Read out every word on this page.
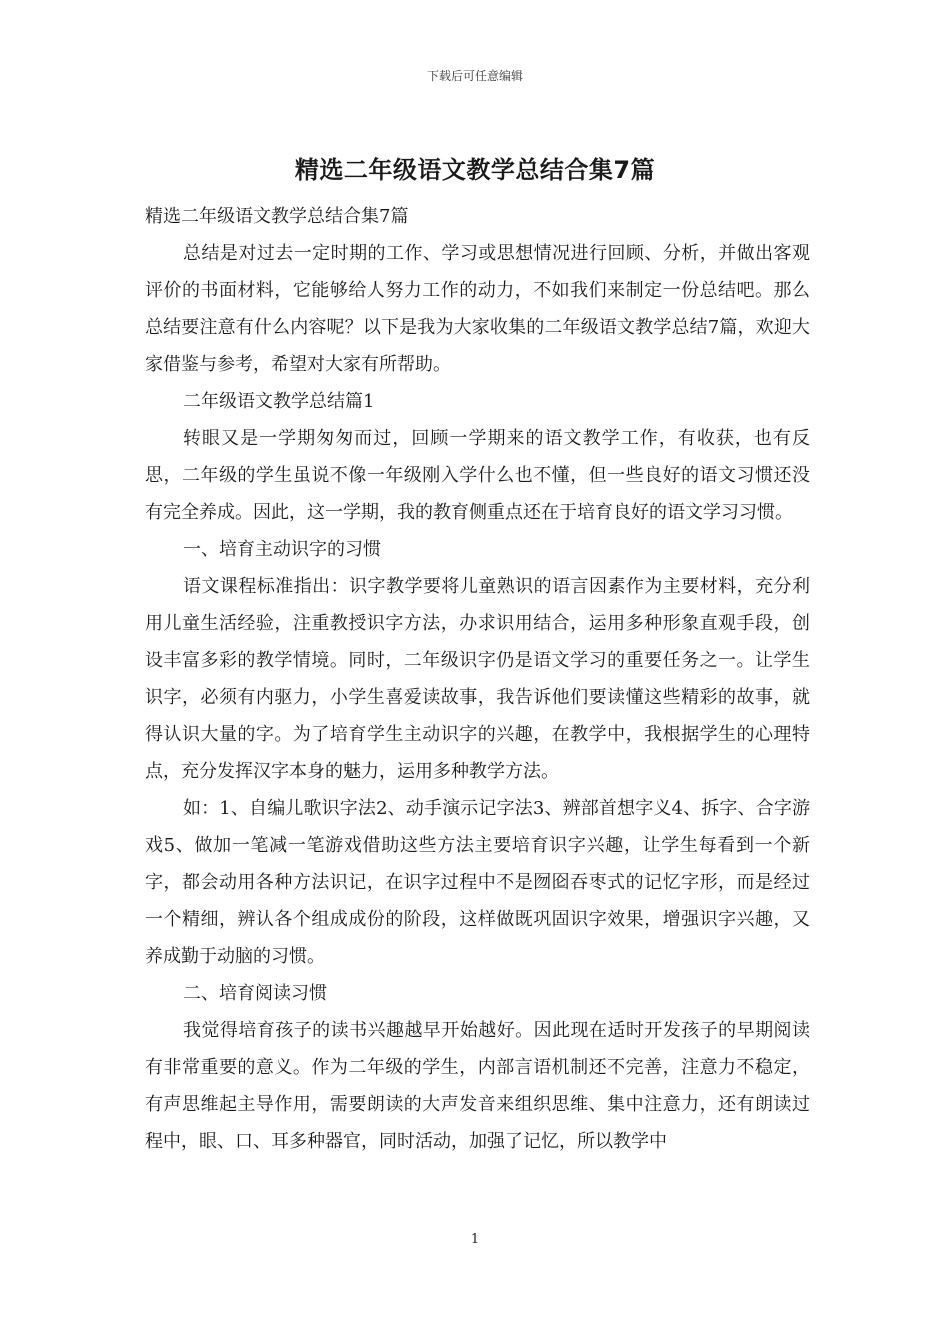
下载后可任意编辑
精选二年级语文教学总结合集7篇

精选二年级语文教学总结合集7篇

总结是对过去一定时期的工作、学习或思想情况进行回顾、分析，并做出客观评价的书面材料，它能够给人努力工作的动力，不如我们来制定一份总结吧。那么总结要注意有什么内容呢？以下是我为大家收集的二年级语文教学总结7篇，欢迎大家借鉴与参考，希望对大家有所帮助。

二年级语文教学总结篇1

转眼又是一学期匆匆而过，回顾一学期来的语文教学工作，有收获，也有反思，二年级的学生虽说不像一年级刚入学什么也不懂，但一些良好的语文习惯还没有完全养成。因此，这一学期，我的教育侧重点还在于培育良好的语文学习习惯。

一、培育主动识字的习惯

语文课程标准指出：识字教学要将儿童熟识的语言因素作为主要材料，充分利用儿童生活经验，注重教授识字方法，办求识用结合，运用多种形象直观手段，创设丰富多彩的教学情境。同时，二年级识字仍是语文学习的重要任务之一。让学生识字，必须有内驱力，小学生喜爱读故事，我告诉他们要读懂这些精彩的故事，就得认识大量的字。为了培育学生主动识字的兴趣，在教学中，我根据学生的心理特点，充分发挥汉字本身的魅力，运用多种教学方法。

如：1、自编儿歌识字法2、动手演示记字法3、辨部首想字义4、拆字、合字游戏5、做加一笔减一笔游戏借助这些方法主要培育识字兴趣，让学生每看到一个新字，都会动用各种方法识记，在识字过程中不是囫囵吞枣式的记忆字形，而是经过一个精细，辨认各个组成成份的阶段，这样做既巩固识字效果，增强识字兴趣，又养成勤于动脑的习惯。

二、培育阅读习惯

我觉得培育孩子的读书兴趣越早开始越好。因此现在适时开发孩子的早期阅读有非常重要的意义。作为二年级的学生，内部言语机制还不完善，注意力不稳定，有声思维起主导作用，需要朗读的大声发音来组织思维、集中注意力，还有朗读过程中，眼、口、耳多种器官，同时活动，加强了记忆，所以教学中

1
